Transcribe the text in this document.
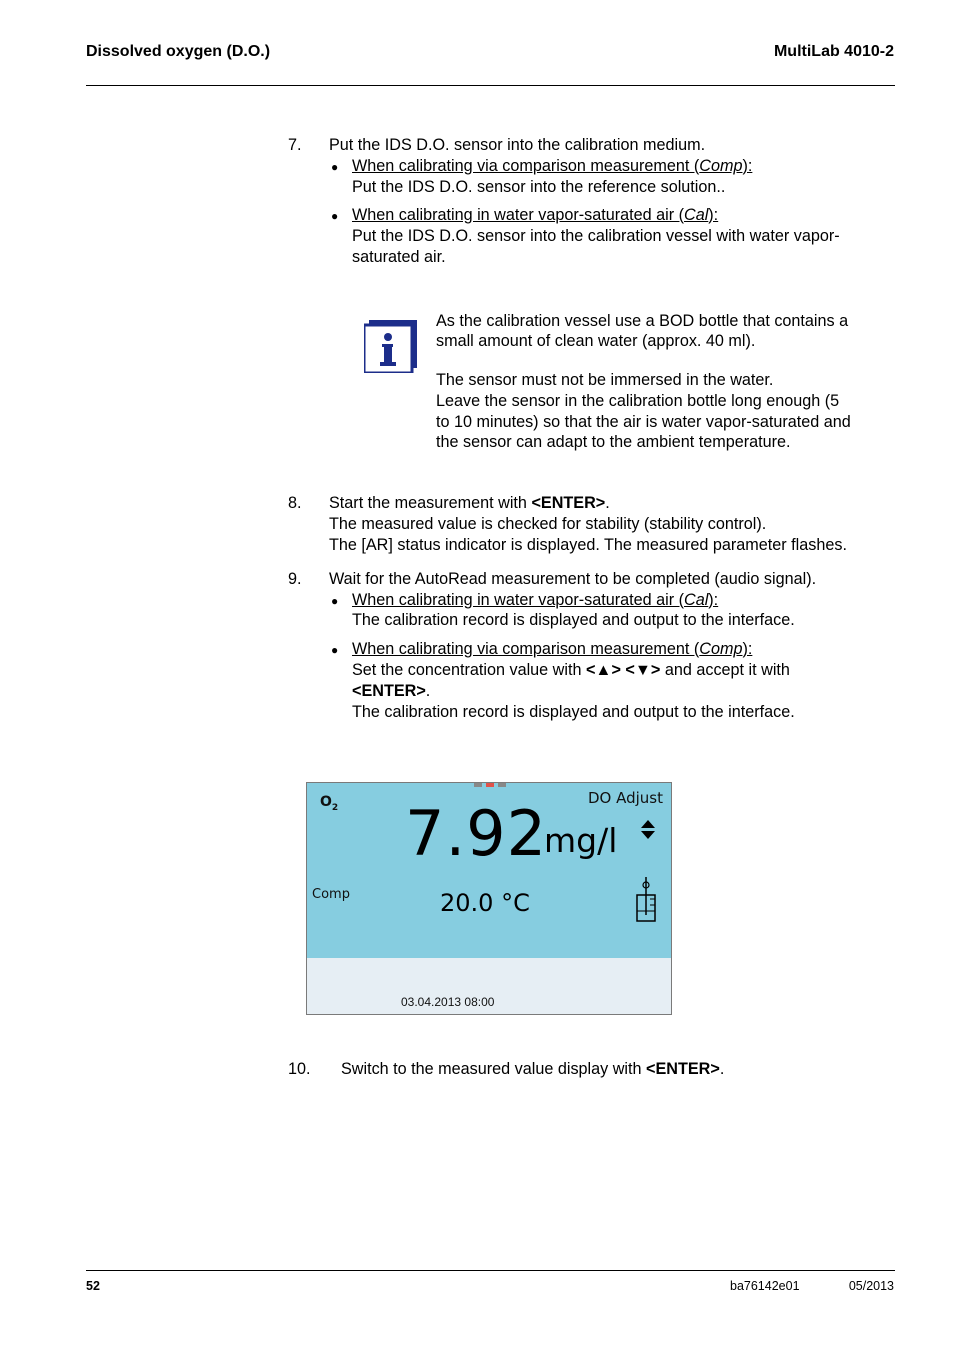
Dissolved oxygen (D.O.)	MultiLab 4010-2
7. Put the IDS D.O. sensor into the calibration medium.
● When calibrating via comparison measurement (Comp):
Put the IDS D.O. sensor into the reference solution..
● When calibrating in water vapor-saturated air (Cal):
Put the IDS D.O. sensor into the calibration vessel with water vapor-
saturated air.
As the calibration vessel use a BOD bottle that contains a
small amount of clean water (approx. 40 ml).
The sensor must not be immersed in the water.
Leave the sensor in the calibration bottle long enough (5
to 10 minutes) so that the air is water vapor-saturated and
the sensor can adapt to the ambient temperature.
8. Start the measurement with <ENTER>.
The measured value is checked for stability (stability control).
The [AR] status indicator is displayed. The measured parameter flashes.
9. Wait for the AutoRead measurement to be completed (audio signal).
● When calibrating in water vapor-saturated air (Cal):
The calibration record is displayed and output to the interface.
● When calibrating via comparison measurement (Comp):
Set the concentration value with <▲> <▼> and accept it with
<ENTER>.
The calibration record is displayed and output to the interface.
$O_2$
DO Adjust
7.92
mg/l
Comp	20.0 °C
03.04.2013 08:00
10. Switch to the measured value display with <ENTER>.
52	ba76142e01	05/2013
